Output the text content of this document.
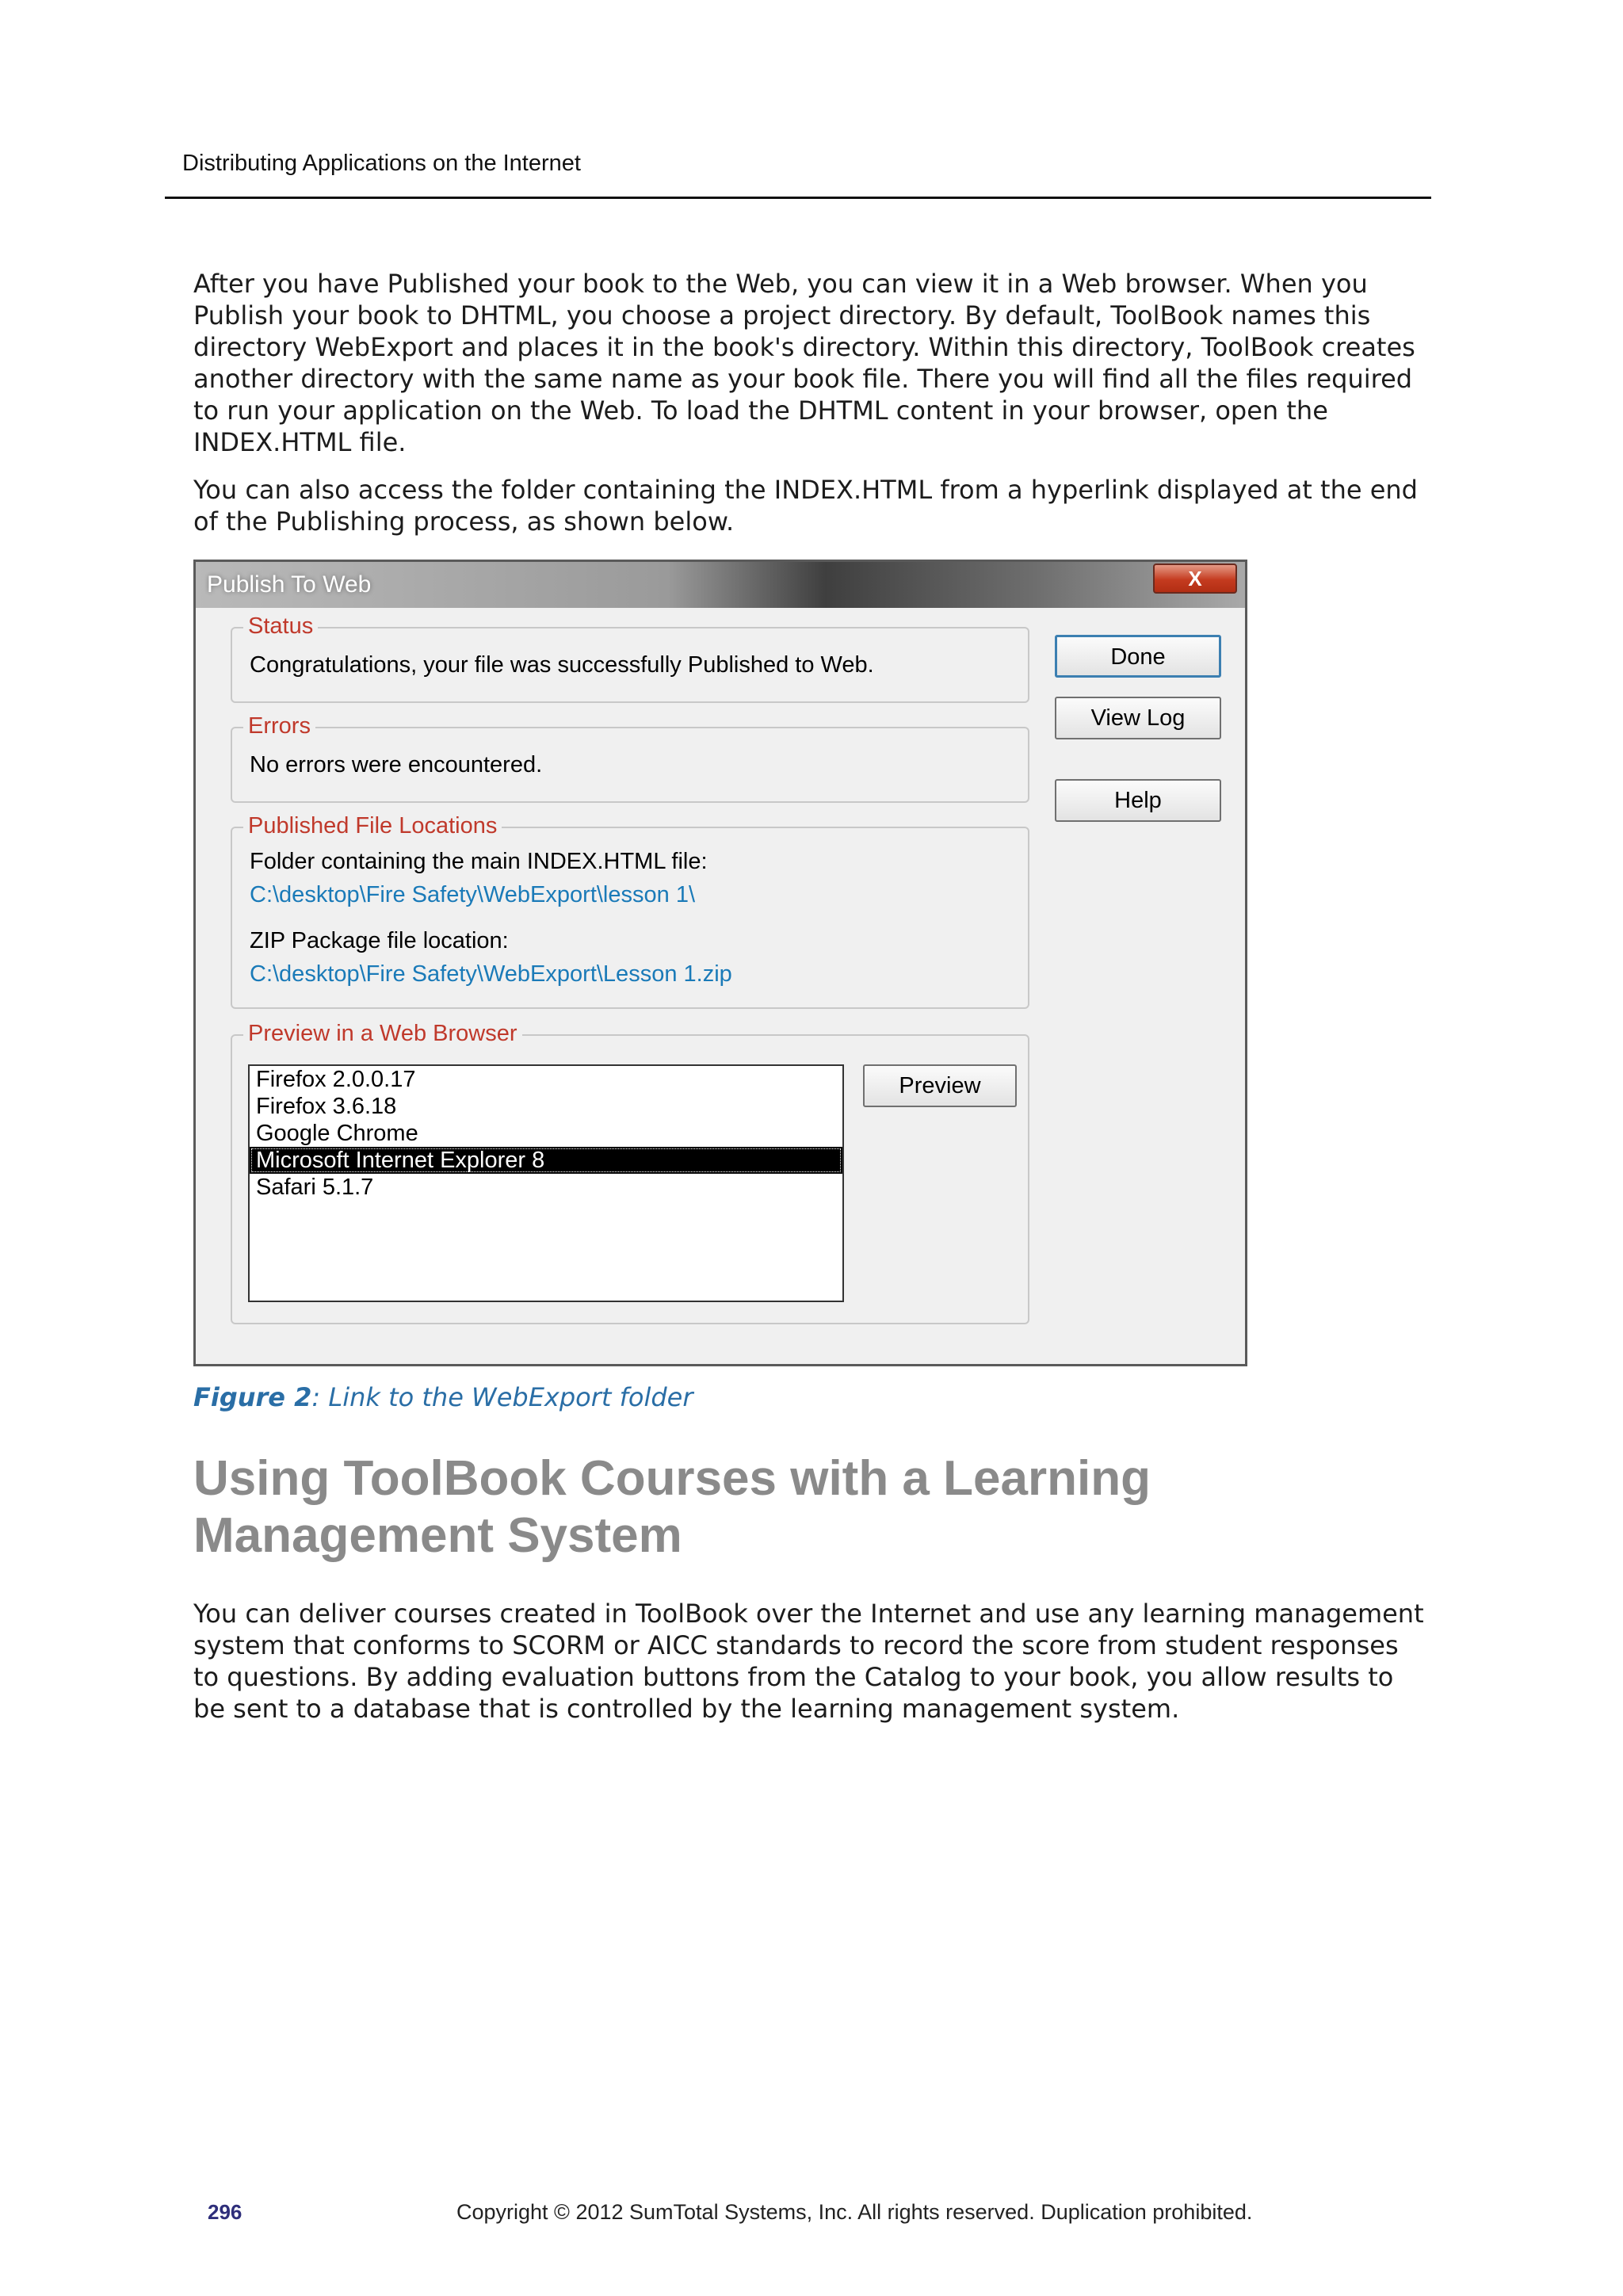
Distributing Applications on the Internet

After you have Published your book to the Web, you can view it in a Web browser. When you Publish your book to DHTML, you choose a project directory. By default, ToolBook names this directory WebExport and places it in the book's directory. Within this directory, ToolBook creates another directory with the same name as your book file. There you will find all the files required to run your application on the Web. To load the DHTML content in your browser, open the INDEX.HTML file.

You can also access the folder containing the INDEX.HTML from a hyperlink displayed at the end of the Publishing process, as shown below.

Publish To Web	X
Status
Congratulations, your file was successfully Published to Web.
Errors
No errors were encountered.
Published File Locations
Folder containing the main INDEX.HTML file:
C:\desktop\Fire Safety\WebExport\lesson 1\
ZIP Package file location:
C:\desktop\Fire Safety\WebExport\Lesson 1.zip
Preview in a Web Browser
Firefox 2.0.0.17
Firefox 3.6.18
Google Chrome
Microsoft Internet Explorer 8
Safari 5.1.7
Preview
Done
View Log
Help
Figure 2: Link to the WebExport folder
Using ToolBook Courses with a Learning Management System

You can deliver courses created in ToolBook over the Internet and use any learning management system that conforms to SCORM or AICC standards to record the score from student responses to questions. By adding evaluation buttons from the Catalog to your book, you allow results to be sent to a database that is controlled by the learning management system.

296	Copyright © 2012 SumTotal Systems, Inc. All rights reserved. Duplication prohibited.
